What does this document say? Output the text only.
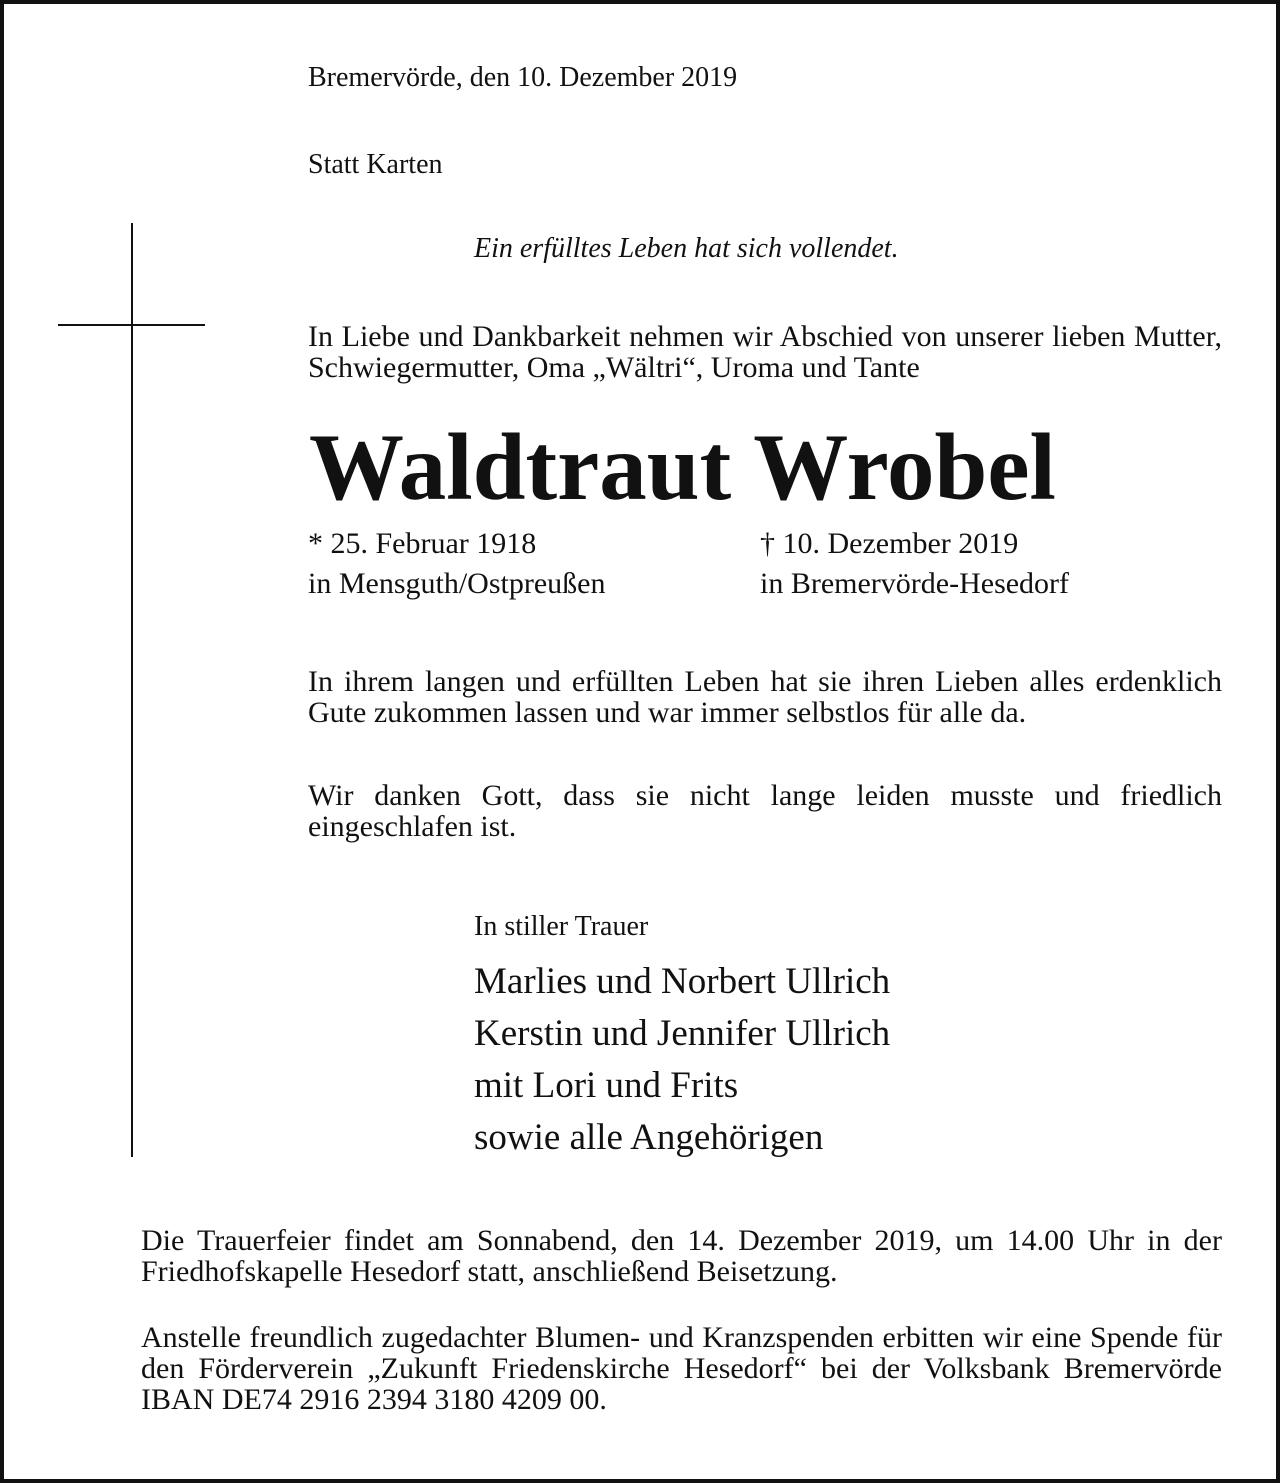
Bremervörde, den 10. Dezember 2019

Statt Karten

Ein erfülltes Leben hat sich vollendet.

In Liebe und Dankbarkeit nehmen wir Abschied von unserer lieben Mutter, Schwiegermutter, Oma „Wältri“, Uroma und Tante

Waldtraut Wrobel

* 25. Februar 1918

in Mensguth/Ostpreußen

† 10. Dezember 2019

in Bremervörde-Hesedorf

In ihrem langen und erfüllten Leben hat sie ihren Lieben alles erdenklich Gute zukommen lassen und war immer selbstlos für alle da.

Wir danken Gott, dass sie nicht lange leiden musste und friedlich eingeschlafen ist.

In stiller Trauer

Marlies und Norbert Ullrich

Kerstin und Jennifer Ullrich

mit Lori und Frits

sowie alle Angehörigen

Die Trauerfeier findet am Sonnabend, den 14. Dezember 2019, um 14.00 Uhr in der Friedhofskapelle Hesedorf statt, anschließend Beisetzung.

Anstelle freundlich zugedachter Blumen- und Kranzspenden erbitten wir eine Spende für den Förderverein „Zukunft Friedenskirche Hesedorf“ bei der Volksbank Bremervörde IBAN DE74 2916 2394 3180 4209 00.
